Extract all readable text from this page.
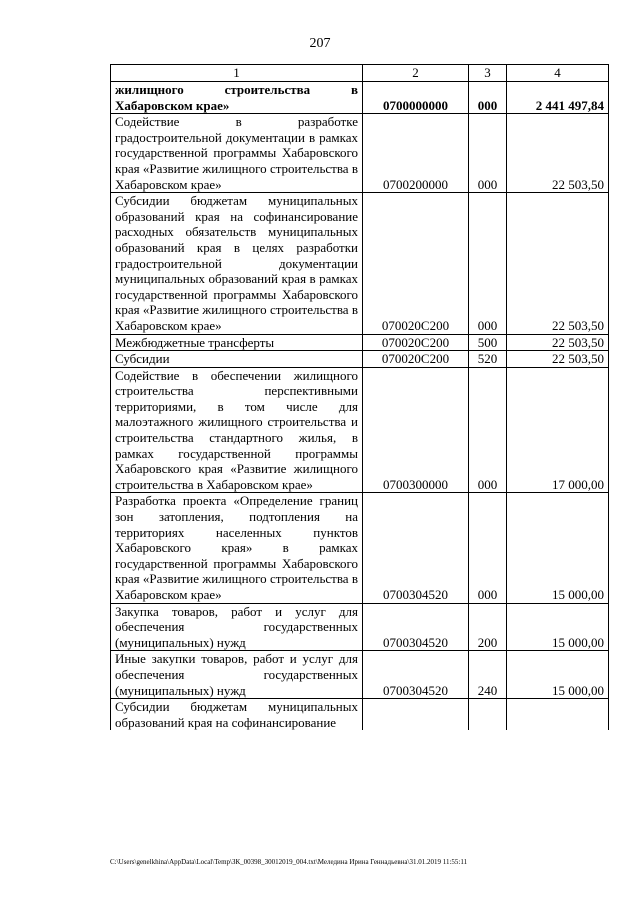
207
1	2	3	4
жилищного строительства в Хабаровском крае»	0700000000	000	2 441 497,84
Содействие в разработке градостроительной документации в рамках государственной программы Хабаровского края «Развитие жилищного строительства в Хабаровском крае»	0700200000	000	22 503,50
Субсидии бюджетам муниципальных образований края на софинансирование расходных обязательств муниципальных образований края в целях разработки градостроительной документации муниципальных образований края в рамках государственной программы Хабаровского края «Развитие жилищного строительства в Хабаровском крае»	070020С200	000	22 503,50
Межбюджетные трансферты	070020С200	500	22 503,50
Субсидии	070020С200	520	22 503,50
Содействие в обеспечении жилищного строительства перспективными территориями, в том числе для малоэтажного жилищного строительства и строительства стандартного жилья, в рамках государственной программы Хабаровского края «Развитие жилищного строительства в Хабаровском крае»	0700300000	000	17 000,00
Разработка проекта «Определение границ зон затопления, подтопления на территориях населенных пунктов Хабаровского края» в рамках государственной программы Хабаровского края «Развитие жилищного строительства в Хабаровском крае»	0700304520	000	15 000,00
Закупка товаров, работ и услуг для обеспечения государственных (муниципальных) нужд	0700304520	200	15 000,00
Иные закупки товаров, работ и услуг для обеспечения государственных (муниципальных) нужд	0700304520	240	15 000,00
Субсидии бюджетам муниципальных образований края на софинансирование			
C:\Users\genelkhina\AppData\Local\Temp\ЗК_00398_30012019_004.txt\Меледина Ирина Геннадьевна\31.01.2019 11:55:11
